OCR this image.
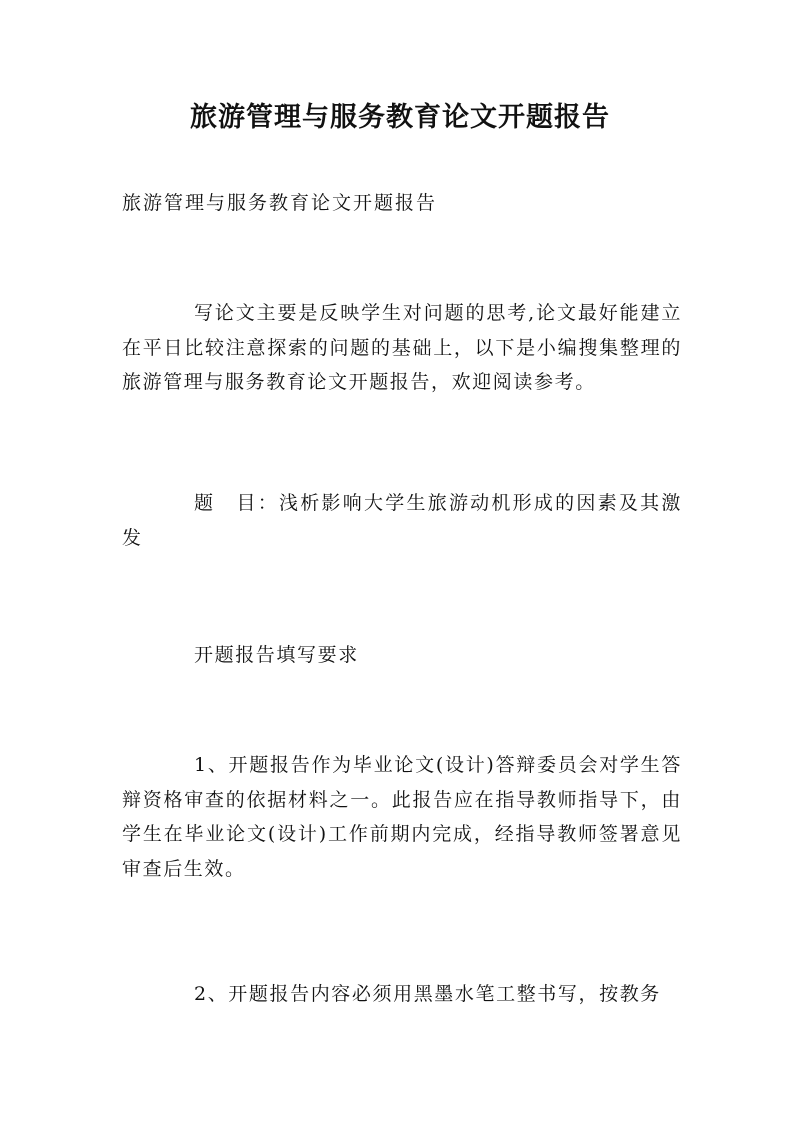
旅游管理与服务教育论文开题报告
旅游管理与服务教育论文开题报告

写论文主要是反映学生对问题的思考,论文最好能建立在平日比较注意探索的问题的基础上，以下是小编搜集整理的旅游管理与服务教育论文开题报告，欢迎阅读参考。

题　目：浅析影响大学生旅游动机形成的因素及其激发

开题报告填写要求

1、开题报告作为毕业论文(设计)答辩委员会对学生答辩资格审查的依据材料之一。此报告应在指导教师指导下，由学生在毕业论文(设计)工作前期内完成，经指导教师签署意见审查后生效。

2、开题报告内容必须用黑墨水笔工整书写，按教务
